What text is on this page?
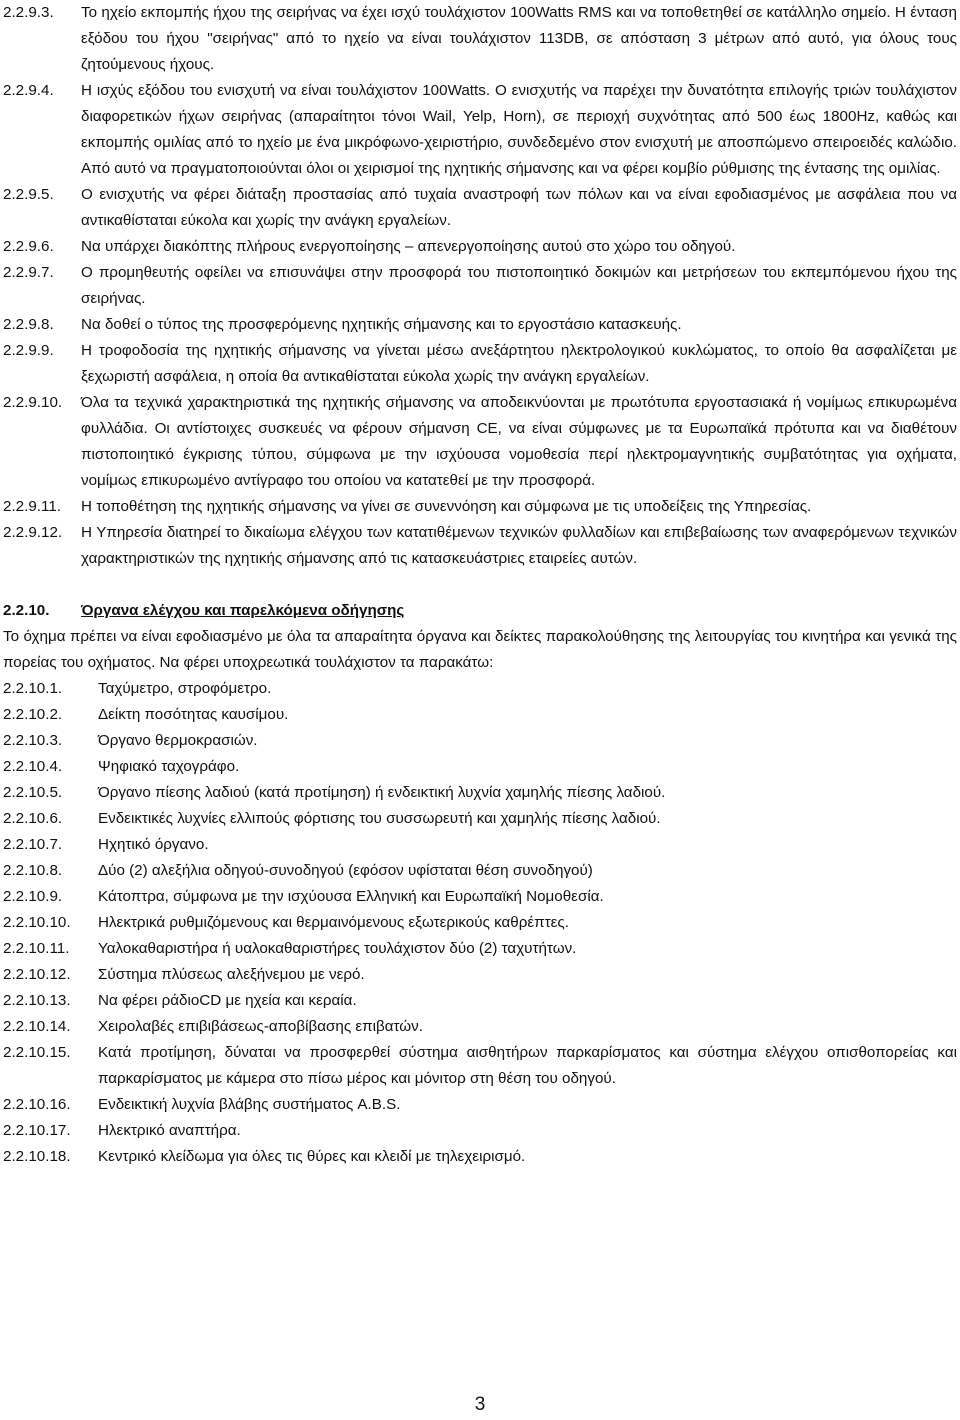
2.2.9.3. Το ηχείο εκπομπής ήχου της σειρήνας να έχει ισχύ τουλάχιστον 100Watts RMS και να τοποθετηθεί σε κατάλληλο σημείο. Η ένταση εξόδου του ήχου "σειρήνας" από το ηχείο να είναι τουλάχιστον 113DB, σε απόσταση 3 μέτρων από αυτό, για όλους τους ζητούμενους ήχους.
2.2.9.4. Η ισχύς εξόδου του ενισχυτή να είναι τουλάχιστον 100Watts. Ο ενισχυτής να παρέχει την δυνατότητα επιλογής τριών τουλάχιστον διαφορετικών ήχων σειρήνας (απαραίτητοι τόνοι Wail, Yelp, Horn), σε περιοχή συχνότητας από 500 έως 1800Hz, καθώς και εκπομπής ομιλίας από το ηχείο με ένα μικρόφωνο-χειριστήριο, συνδεδεμένο στον ενισχυτή με αποσπώμενο σπειροειδές καλώδιο. Από αυτό να πραγματοποιούνται όλοι οι χειρισμοί της ηχητικής σήμανσης και να φέρει κομβίο ρύθμισης της έντασης της ομιλίας.
2.2.9.5. Ο ενισχυτής να φέρει διάταξη προστασίας από τυχαία αναστροφή των πόλων και να είναι εφοδιασμένος με ασφάλεια που να αντικαθίσταται εύκολα και χωρίς την ανάγκη εργαλείων.
2.2.9.6. Να υπάρχει διακόπτης πλήρους ενεργοποίησης – απενεργοποίησης αυτού στο χώρο του οδηγού.
2.2.9.7. Ο προμηθευτής οφείλει να επισυνάψει στην προσφορά του πιστοποιητικό δοκιμών και μετρήσεων του εκπεμπόμενου ήχου της σειρήνας.
2.2.9.8. Να δοθεί ο τύπος της προσφερόμενης ηχητικής σήμανσης και το εργοστάσιο κατασκευής.
2.2.9.9. Η τροφοδοσία της ηχητικής σήμανσης να γίνεται μέσω ανεξάρτητου ηλεκτρολογικού κυκλώματος, το οποίο θα ασφαλίζεται με ξεχωριστή ασφάλεια, η οποία θα αντικαθίσταται εύκολα χωρίς την ανάγκη εργαλείων.
2.2.9.10. Όλα τα τεχνικά χαρακτηριστικά της ηχητικής σήμανσης να αποδεικνύονται με πρωτότυπα εργοστασιακά ή νομίμως επικυρωμένα φυλλάδια. Οι αντίστοιχες συσκευές να φέρουν σήμανση CE, να είναι σύμφωνες με τα Ευρωπαϊκά πρότυπα και να διαθέτουν πιστοποιητικό έγκρισης τύπου, σύμφωνα με την ισχύουσα νομοθεσία περί ηλεκτρομαγνητικής συμβατότητας για οχήματα, νομίμως επικυρωμένο αντίγραφο του οποίου να κατατεθεί με την προσφορά.
2.2.9.11. Η τοποθέτηση της ηχητικής σήμανσης να γίνει σε συνεννόηση και σύμφωνα με τις υποδείξεις της Υπηρεσίας.
2.2.9.12. Η Υπηρεσία διατηρεί το δικαίωμα ελέγχου των κατατιθέμενων τεχνικών φυλλαδίων και επιβεβαίωσης των αναφερόμενων τεχνικών χαρακτηριστικών της ηχητικής σήμανσης από τις κατασκευάστριες εταιρείες αυτών.
2.2.10. Όργανα ελέγχου και παρελκόμενα οδήγησης
Το όχημα πρέπει να είναι εφοδιασμένο με όλα τα απαραίτητα όργανα και δείκτες παρακολούθησης της λειτουργίας του κινητήρα και γενικά της πορείας του οχήματος. Να φέρει υποχρεωτικά τουλάχιστον τα παρακάτω:
2.2.10.1. Ταχύμετρο, στροφόμετρο.
2.2.10.2. Δείκτη ποσότητας καυσίμου.
2.2.10.3. Όργανο θερμοκρασιών.
2.2.10.4. Ψηφιακό ταχογράφο.
2.2.10.5. Όργανο πίεσης λαδιού (κατά προτίμηση) ή ενδεικτική λυχνία χαμηλής πίεσης λαδιού.
2.2.10.6. Ενδεικτικές λυχνίες ελλιπούς φόρτισης του συσσωρευτή και χαμηλής πίεσης λαδιού.
2.2.10.7. Ηχητικό όργανο.
2.2.10.8. Δύο (2) αλεξήλια οδηγού-συνοδηγού (εφόσον υφίσταται θέση συνοδηγού)
2.2.10.9. Κάτοπτρα, σύμφωνα με την ισχύουσα Ελληνική και Ευρωπαϊκή Νομοθεσία.
2.2.10.10. Ηλεκτρικά ρυθμιζόμενους και θερμαινόμενους εξωτερικούς καθρέπτες.
2.2.10.11. Υαλοκαθαριστήρα ή υαλοκαθαριστήρες τουλάχιστον δύο (2) ταχυτήτων.
2.2.10.12. Σύστημα πλύσεως αλεξήνεμου με νερό.
2.2.10.13. Να φέρει ράδιοCD με ηχεία και κεραία.
2.2.10.14. Χειρολαβές επιβιβάσεως-αποβίβασης επιβατών.
2.2.10.15. Κατά προτίμηση, δύναται να προσφερθεί σύστημα αισθητήρων παρκαρίσματος και σύστημα ελέγχου οπισθοπορείας και παρκαρίσματος με κάμερα στο πίσω μέρος και μόνιτορ στη θέση του οδηγού.
2.2.10.16. Ενδεικτική λυχνία βλάβης συστήματος A.B.S.
2.2.10.17. Ηλεκτρικό αναπτήρα.
2.2.10.18. Κεντρικό κλείδωμα για όλες τις θύρες και κλειδί με τηλεχειρισμό.
3
